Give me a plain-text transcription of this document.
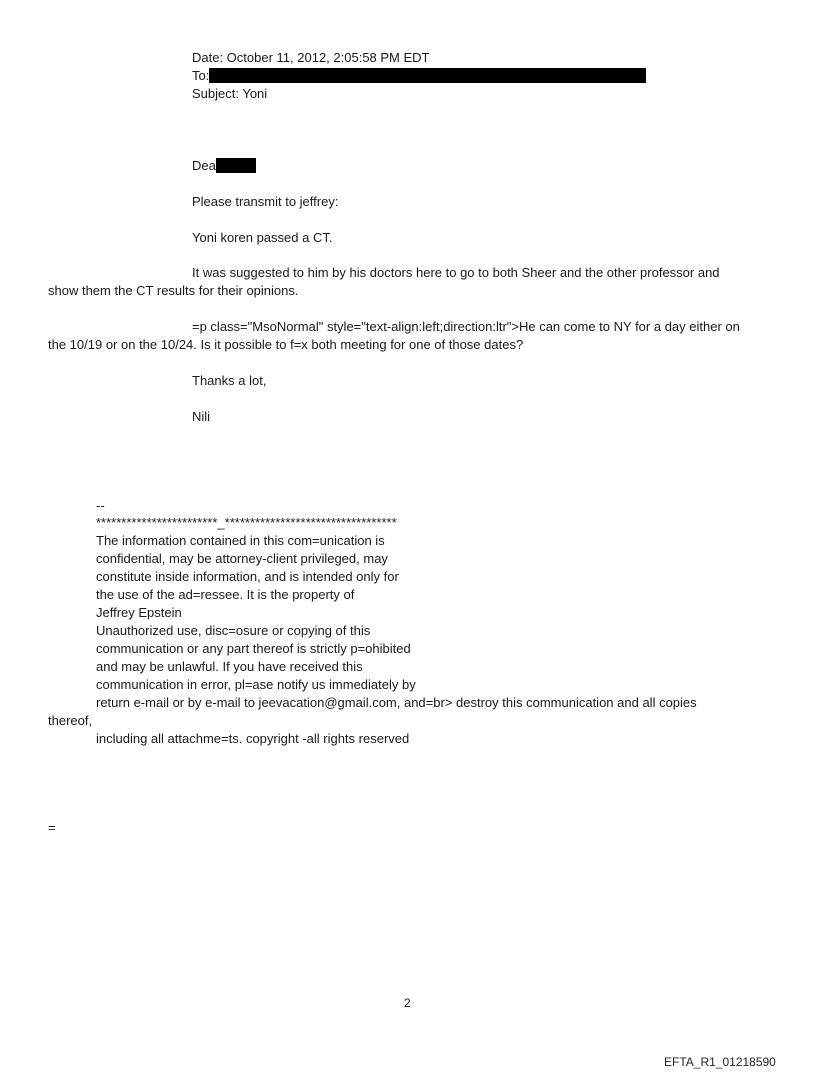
Date: October 11, 2012, 2:05:58 PM EDT
To:
Subject: Yoni
Dea
Please transmit to jeffrey:
Yoni koren passed a CT.
It was suggested to him by his doctors here to go to both Sheer and the other professor and
show them the CT results for their opinions.
=p class="MsoNormal" style="text-align:left;direction:ltr">He can come to NY for a day either on
the 10/19 or on the 10/24. Is it possible to f=x both meeting for one of those dates?
Thanks a lot,
Nili
--
************************_**********************************
The information contained in this com=unication is
confidential, may be attorney-client privileged, may
constitute inside information, and is intended only for
the use of the ad=ressee. It is the property of
Jeffrey Epstein
Unauthorized use, disc=osure or copying of this
communication or any part thereof is strictly p=ohibited
and may be unlawful. If you have received this
communication in error, pl=ase notify us immediately by
return e-mail or by e-mail to jeevacation@gmail.com, and=br> destroy this communication and all copies
thereof,
including all attachme=ts. copyright -all rights reserved
=
2
EFTA_R1_01218590
